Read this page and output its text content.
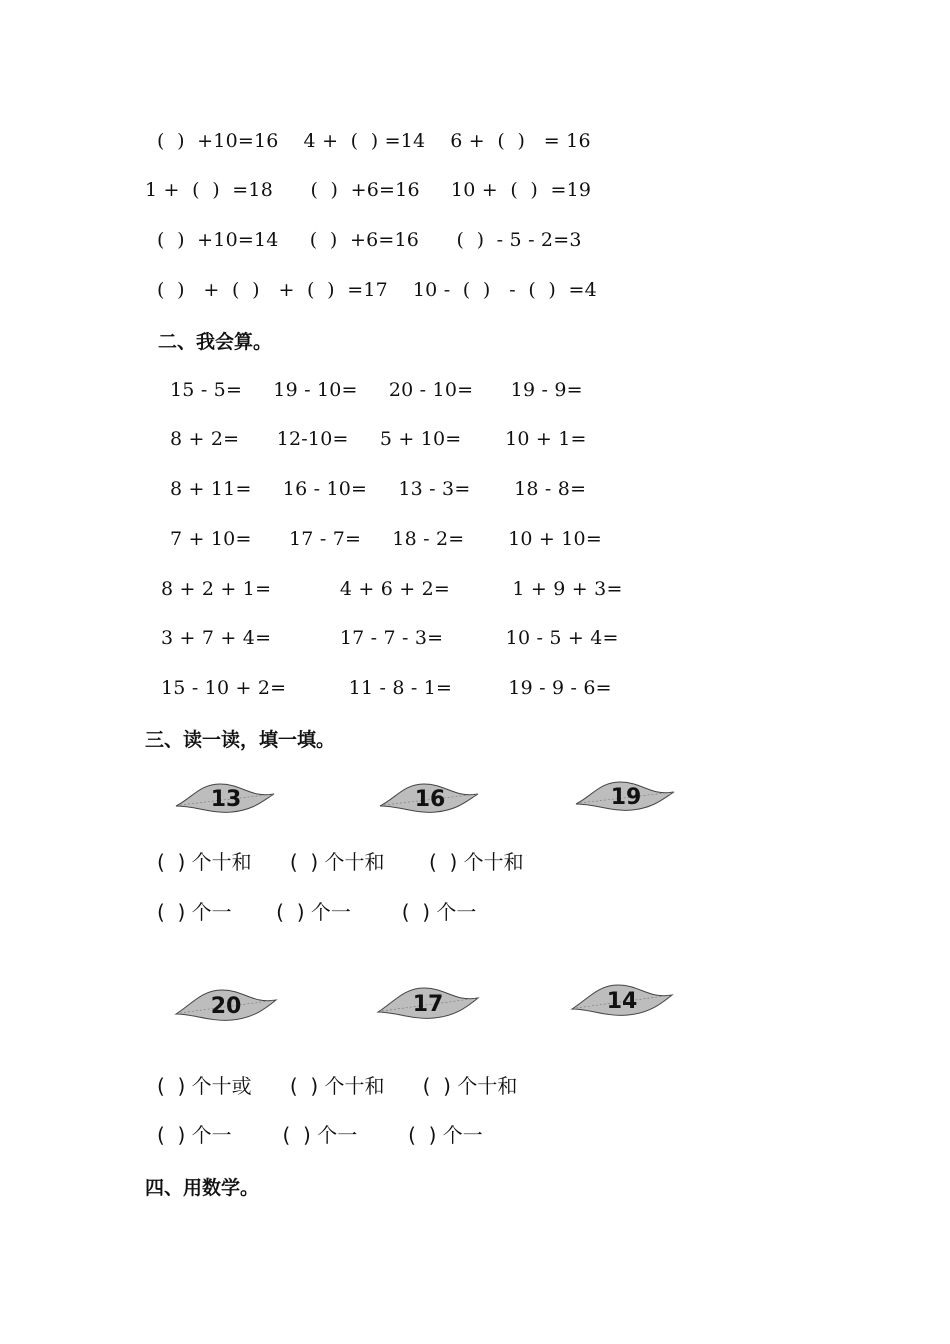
(  )  +10=16    4 +  (  ) =14    6 +  (  )   = 16
1 +  (  )  =18      (  )  +6=16     10 +  (  )  =19
(  )  +10=14     (  )  +6=16      (  )  - 5 - 2=3
(  )   +  (  )   +  (  )  =17    10 -  (  )   -  (  )  =4
二、我会算。
15 - 5=     19 - 10=     20 - 10=      19 - 9=
8 + 2=      12-10=     5 + 10=       10 + 1=
8 + 11=     16 - 10=     13 - 3=       18 - 8=
7 + 10=      17 - 7=     18 - 2=       10 + 10=
8 + 2 + 1=           4 + 6 + 2=          1 + 9 + 3=
3 + 7 + 4=           17 - 7 - 3=          10 - 5 + 4=
15 - 10 + 2=          11 - 8 - 1=         19 - 9 - 6=
三、读一读，填一填。
13	16	19
(  ) 个十和      (  ) 个十和       (  ) 个十和
(  ) 个一       (  ) 个一        (  ) 个一
20	17	14
(  ) 个十或      (  ) 个十和      (  ) 个十和
(  ) 个一        (  ) 个一        (  ) 个一
四、用数学。
